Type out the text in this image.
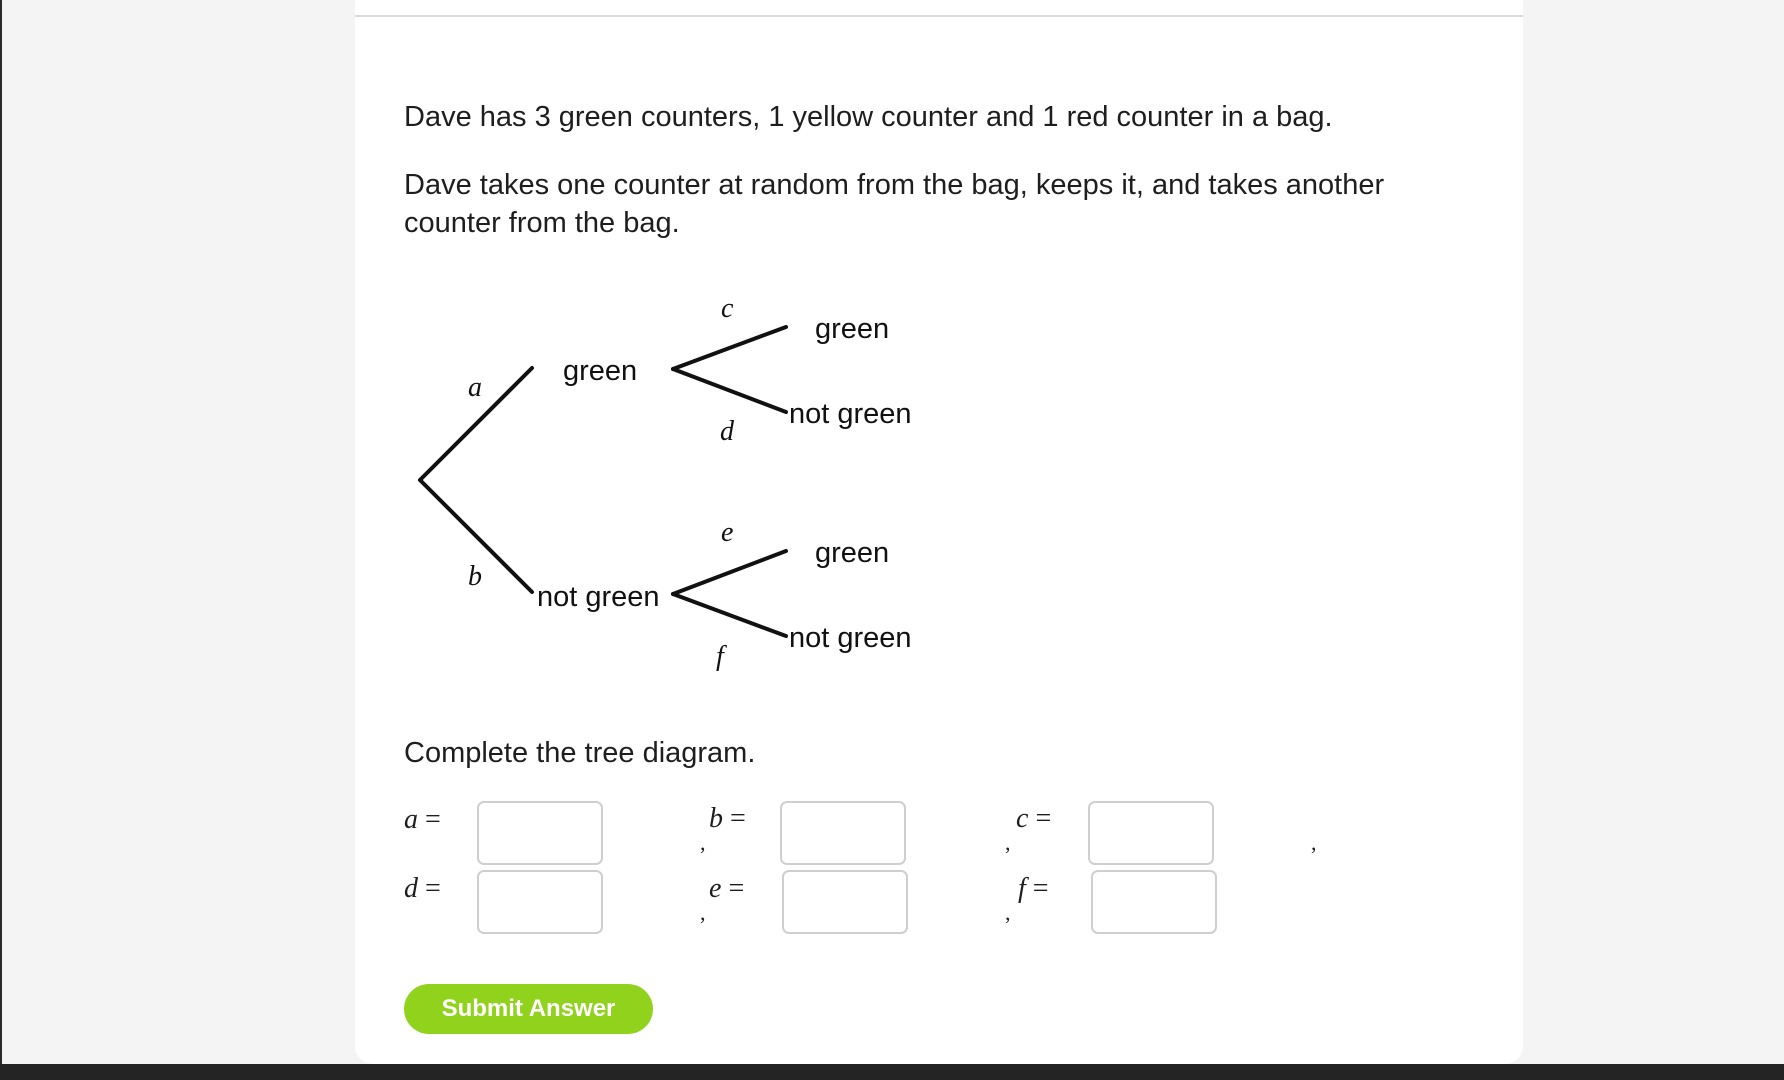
Dave has 3 green counters, 1 yellow counter and 1 red counter in a bag.

Dave takes one counter at random from the bag, keeps it, and takes another counter from the bag.

green
not green
green
not green
green
not green
a
b
c
d
e
f

Complete the tree diagram.

a =
,
b =
,
c =
,
d =
,
e =
,
f =
Submit Answer
